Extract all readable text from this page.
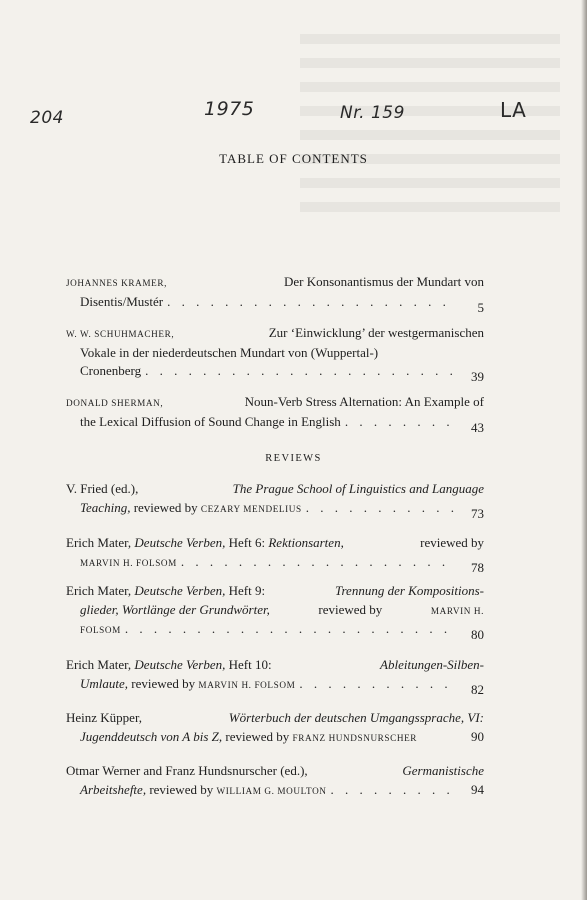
204	1975	Nr. 159	LA
TABLE OF CONTENTS
JOHANNES KRAMER,	Der Konsonantismus der Mundart von
Disentis/Mustér . . .	5
W. W. SCHUHMACHER,	Zur ‘Einwicklung’ der westgermanischen
Vokale in der niederdeutschen Mundart von (Wuppertal-)
Cronenberg . . .	39
DONALD SHERMAN,	Noun-Verb Stress Alternation: An Example of
the Lexical Diffusion of Sound Change in English . . .	43
REVIEWS
V. Fried (ed.),	The Prague School of Linguistics and Language
Teaching,
reviewed by
CEZARY MENDELIUS . . .	73
Erich Mater, Deutsche Verben, Heft 6: Rektionsarten,	reviewed by
MARVIN H. FOLSOM . . .	78
Erich Mater, Deutsche Verben, Heft 9:	Trennung der Kompositions-
glieder, Wortlänge der Grundwörter,	reviewed by	MARVIN H.
FOLSOM . . .	80
Erich Mater, Deutsche Verben, Heft 10:	Ableitungen-Silben-
Umlaute,
reviewed by
MARVIN H. FOLSOM . . .	82
Heinz Küpper,	Wörterbuch der deutschen Umgangssprache, VI:
Jugenddeutsch von A bis Z,
reviewed by
FRANZ HUNDSNURSCHER	90
Otmar Werner and Franz Hundsnurscher (ed.),	Germanistische
Arbeitshefte,
reviewed by
WILLIAM G. MOULTON . . .	94
